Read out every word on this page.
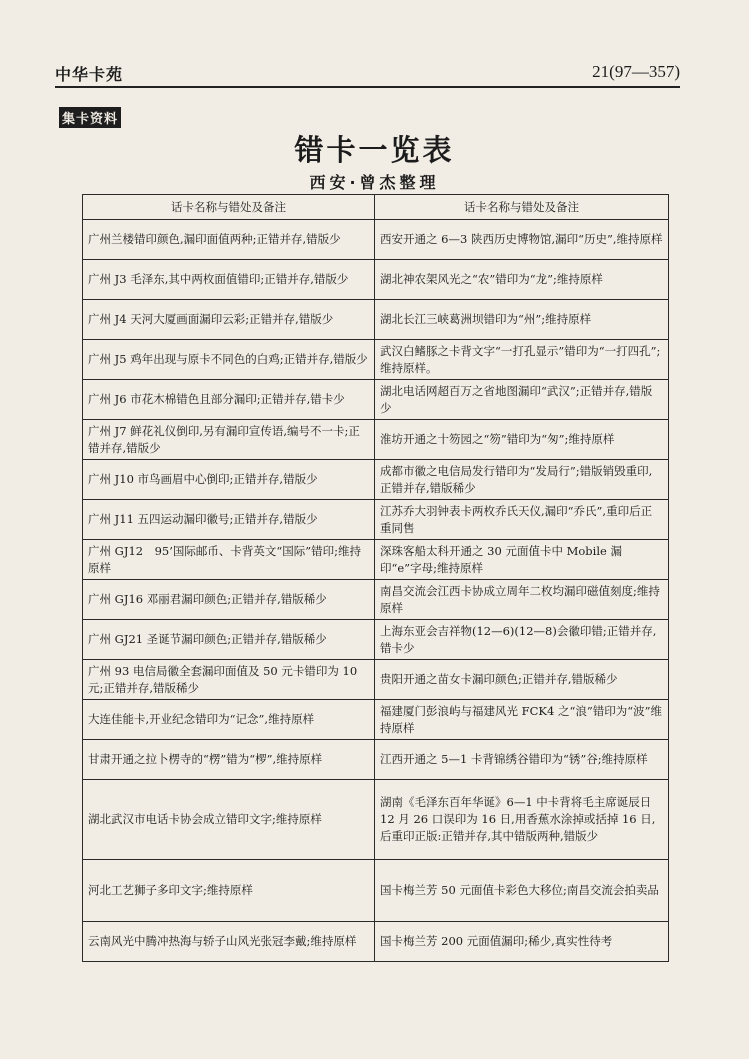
中华卡苑	21(97—357)
集卡资料
错卡一览表
西安·曾杰整理
话卡名称与错处及备注	话卡名称与错处及备注
广州兰楼错印颜色,漏印面值两种;正错并存,错版少	西安开通之 6—3 陕西历史博物馆,漏印“历史”,维持原样
广州 J3 毛泽东,其中两枚面值错印;正错并存,错版少	湖北神农架风光之“农”错印为“龙”;维持原样
广州 J4 天河大厦画面漏印云彩;正错并存,错版少	湖北长江三峡葛洲坝错印为“州”;维持原样
广州 J5 鸡年出现与原卡不同色的白鸡;正错并存,错版少	武汉白鳍豚之卡背文字“一打孔显示”错印为“一打四孔”;维持原样。
广州 J6 市花木棉错色且部分漏印;正错并存,错卡少	湖北电话网超百万之省地图漏印“武汉”;正错并存,错版少
广州 J7 鲜花礼仪倒印,另有漏印宣传语,编号不一卡;正错并存,错版少	淮坊开通之十笏园之“笏”错印为“匆”;维持原样
广州 J10 市鸟画眉中心倒印;正错并存,错版少	成都市徽之电信局发行错印为“发局行”;错版销毁重印,正错并存,错版稀少
广州 J11 五四运动漏印徽号;正错并存,错版少	江苏乔大羽钟表卡两枚乔氏天仪,漏印“乔氏”,重印后正重同售
广州 GJ12　95’国际邮币、卡背英文“国际”错印;维持原样	深珠客船太科开通之 30 元面值卡中 Mobile 漏印“e”字母;维持原样
广州 GJ16 邓丽君漏印颜色;正错并存,错版稀少	南昌交流会江西卡协成立周年二枚均漏印磁值刻度;维持原样
广州 GJ21 圣诞节漏印颜色;正错并存,错版稀少	上海东亚会吉祥物(12—6)(12—8)会徽印错;正错并存,错卡少
广州 93 电信局徽全套漏印面值及 50 元卡错印为 10 元;正错并存,错版稀少	贵阳开通之苗女卡漏印颜色;正错并存,错版稀少
大连佳能卡,开业纪念错印为“记念”,维持原样	福建厦门彭浪屿与福建风光 FCK4 之“浪”错印为“波”维持原样
甘肃开通之拉卜楞寺的“楞”错为“椤”,维持原样	江西开通之 5—1 卡背锦绣谷错印为“锈”谷;维持原样
湖北武汉市电话卡协会成立错印文字;维持原样	湖南《毛泽东百年华诞》6—1 中卡背将毛主席诞辰日 12 月 26 口误印为 16 日,用香蕉水涂掉或括掉 16 日,后重印正版:正错并存,其中错版两种,错版少
河北工艺狮子多印文字;维持原样	国卡梅兰芳 50 元面值卡彩色大移位;南昌交流会拍卖品
云南风光中腾冲热海与轿子山风光张冠李戴;维持原样	国卡梅兰芳 200 元面值漏印;稀少,真实性待考
